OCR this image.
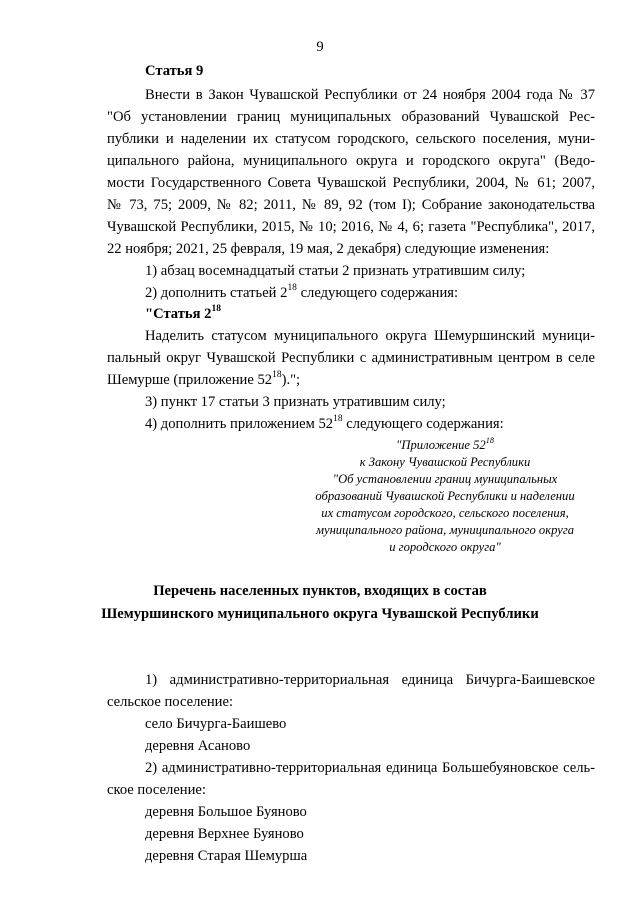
9
Статья 9
Внести в Закон Чувашской Республики от 24 ноября 2004 года № 37
"Об установлении границ муниципальных образований Чувашской Рес-
публики и наделении их статусом городского, сельского поселения, муни-
ципального района, муниципального округа и городского округа" (Ведо-
мости Государственного Совета Чувашской Республики, 2004, № 61; 2007,
№ 73, 75; 2009, № 82; 2011, № 89, 92 (том I); Собрание законодательства
Чувашской Республики, 2015, № 10; 2016, № 4, 6; газета "Республика", 2017,
22 ноября; 2021, 25 февраля, 19 мая, 2 декабря) следующие изменения:
1) абзац восемнадцатый статьи 2 признать утратившим силу;
2) дополнить статьей $2^{18}$ следующего содержания:
"Статья $2^{18}$
Наделить статусом муниципального округа Шемуршинский муници-
пальный округ Чувашской Республики с административным центром в селе
Шемурше (приложение $52^{18}$).";
3) пункт 17 статьи 3 признать утратившим силу;
4) дополнить приложением $52^{18}$ следующего содержания:
"Приложение $52^{18}$
к Закону Чувашской Республики
"Об установлении границ муниципальных
образований Чувашской Республики и наделении
их статусом городского, сельского поселения,
муниципального района, муниципального округа
и городского округа"
Перечень населенных пунктов, входящих в состав
Шемуршинского муниципального округа Чувашской Республики
1) административно-территориальная единица Бичурга-Баишевское
сельское поселение:
село Бичурга-Баишево
деревня Асаново
2) административно-территориальная единица Большебуяновское сель-
ское поселение:
деревня Большое Буяново
деревня Верхнее Буяново
деревня Старая Шемурша
